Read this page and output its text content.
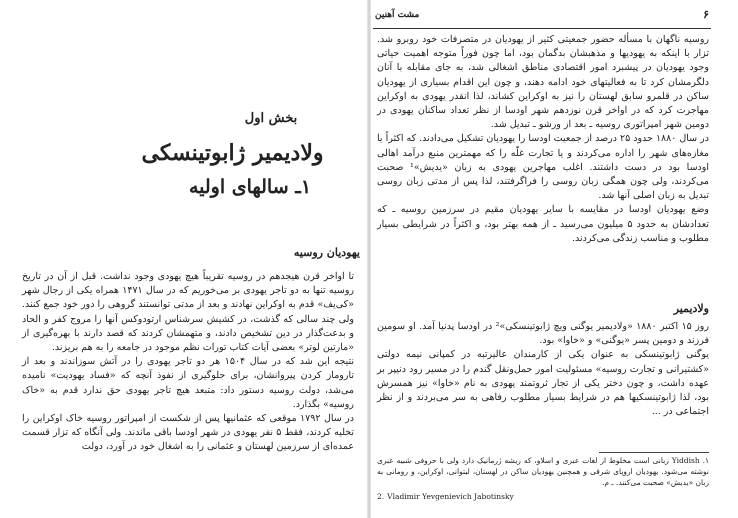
بخش اول
ولادیمیر ژابوتینسکی
۱ـ سالهای اولیه
یهودیان روسیه

تا اواخر قرن هیجدهم در روسیه تقریباً هیچ یهودی وجود نداشت. قبل از آن در تاریخ روسیه تنها به دو تاجر یهودی بر می‌خوریم که در سال ۱۴۷۱ همراه یکی از رجال شهر «کی‌یف» قدم به اوکراین نهادند و بعد از مدتی توانستند گروهی را دور خود جمع کنند. ولی چند سالی که گذشت، در کشیش سرشناس ارتودوکس آنها را مروج کفر و الحاد و بدعت‌گذار در دین تشخیص دادند، و متهمشان کردند که قصد دارند با بهره‌گیری از «مارتین لوتر» بعضی آیات کتاب تورات نظم موجود در جامعه را به هم بریزند.

نتیجه این شد که در سال ۱۵۰۴ هر دو تاجر یهودی را در آتش سوزاندند و بعد از تاروماز کردن پیروانشان، برای جلوگیری از نفوذ آنچه که «فساد یهودیت» نامیده می‌شد، دولت روسیه دستور داد: متبعد هیچ تاجر یهودی حق ندارد قدم به «خاک روسیه» بگذارد.

در سال ۱۷۹۲ موقعی که عثمانیها پس از شکست از امپراتور روسیه خاک اوکراین را تخلیه کردند، فقط ۵ نفر یهودی در شهر اودسا باقی ماندند. ولی آنگاه که تزار قسمت عمده‌ای از سرزمین لهستان و عثمانی را به اشغال خود در آورد، دولت

۶
مشت آهنین

روسیه ناگهان با مسأله حضور جمعیتی کثیر از یهودیان در متصرفات خود روبرو شد. تزار با اینکه به یهودیها و مذهبشان بدگمان بود، اما چون فوراً متوجه اهمیت حیاتی وجود یهودیان در پیشبرد امور اقتصادی مناطق اشغالی شد، به جای مقابله با آنان دلگرمشان کرد تا به فعالیتهای خود ادامه دهند، و چون این اقدام بسیاری از یهودیان ساکن در قلمرو سابق لهستان را نیز به اوکراین کشاند، لذا انقدر یهودی به اوکراین مهاجرت کرد که در اواخر قرن نوزدهم شهر اودسا از نظر تعداد ساکنان یهودی در دومین شهر امپراتوری روسیه ـ بعد از ورشو ـ تبدیل شد.

در سال ۱۸۸۰ حدود ۲۵ درصد از جمعیت اودسا را یهودیان تشکیل می‌دادند. که اکثراً یا مغازه‌های شهر را اداره می‌کردند و یا تجارت غلّه را که مهمترین منبع درآمد اهالی اودسا بود در دست داشتند. اغلب مهاجرین یهودی به زبان «یدیش»¹ صحبت می‌کردند، ولی چون همگی زبان روسی را فراگرفتند، لذا پس از مدتی زبان روسی تبدیل به زبان اصلی آنها شد.

وضع یهودیان اودسا در مقایسه با سایر یهودیان مقیم در سرزمین روسیه ـ که تعدادشان به حدود ۵ میلیون می‌رسید ـ از همه بهتر بود، و اکثراً در شرایطی بسیار مطلوب و مناسب زندگی می‌کردند.

ولادیمیر

روز ۱۵ اکتبر ۱۸۸۰ «ولادیمیر یوگنی ویچ ژابوتینسکی»² در اودسا پدنیا آمد. او سومین فرزند و دومین پسر «یوگنی» و «خاوا» بود.

یوگنی ژابوتینسکی به عنوان یکی از کارمندان عالیرتبه در کمپانی نیمه دولتی «کشتیرانی و تجارت روسیه» مسئولیت امور حمل‌ونقل گندم را در مسیر رود دنیپر بر عهده داشت، و چون دختر یکی از تجار ثروتمند یهودی به نام «خاوا» نیز همسرش بود، لذا ژابوتینسکیها هم در شرایط بسیار مطلوب رفاهی به سر می‌بردند و از نظر اجتماعی در ...

۱. Yiddish زبانی است مخلوط از لغات عبری و اسلاو، که ریشه ژرمانیک دارد ولی با حروفی شبیه عبری نوشته می‌شود. یهودیان اروپای شرقی و همچنین یهودیان ساکن در لهستان، لیتوانی، اوکراین، و رومانی به زبان «یدیش» صحبت می‌کنند. ـ م.
2. Vladimir Yevgenievich Jabotinsky
